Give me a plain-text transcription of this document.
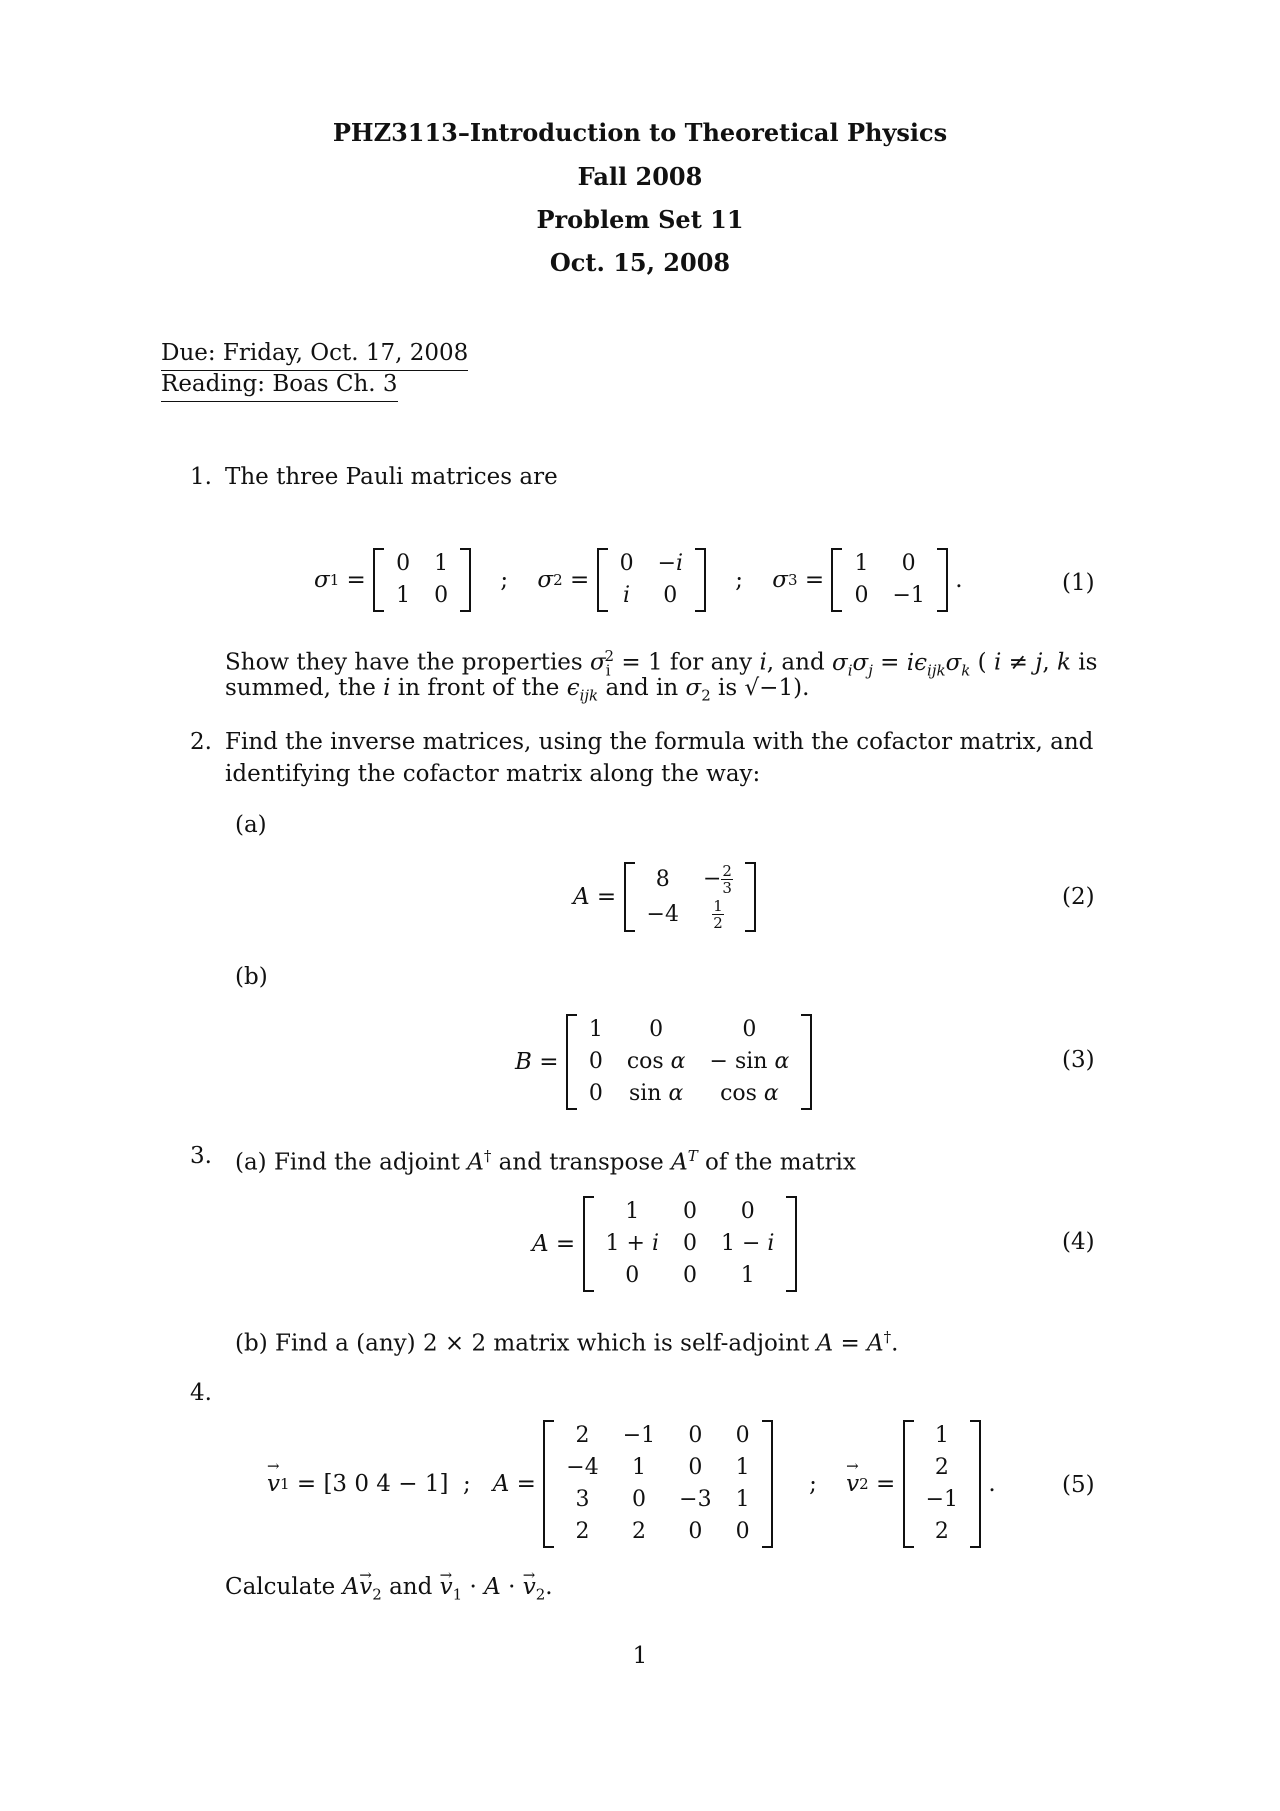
PHZ3113–Introduction to Theoretical Physics
Fall 2008
Problem Set 11
Oct. 15, 2008
Due: Friday, Oct. 17, 2008
Reading: Boas Ch. 3
1. The three Pauli matrices are
σ 1 =
0	1
1	0
; σ 2 =
0	−i
i	0
; σ 3 =
1	0
0	−1
.	(1)
Show they have the properties $\sigma_i^2 = 1$ for any i, and $\sigma_i\sigma_j = i\epsilon_{ijk}\sigma_k$ ( i ≠ j, k is
summed, the i in front of the $\epsilon_{ijk}$ and in $\sigma_2$ is √−1).
2. Find the inverse matrices, using the formula with the cofactor matrix, and
identifying the cofactor matrix along the way:
(a)
A =
8	− $\frac{2}{3}$

−4	$\frac{1}{2}$
(2)
(b)
B =
1	0	0
0	cos α	− sin α
0	sin α	cos α
(3)
3. (a) Find the adjoint A† and transpose $A^T$ of the matrix
A =
1	0	0
1 + i	0	1 − i
0	0	1
(4)
(b) Find a (any) 2 × 2 matrix which is self-adjoint A = A†.
4.
→ v 1
= [3 0 4 − 1] ; A =
2	−1	0	0
−4	1	0	1
3	0	−3	1
2	2	0	0
; → v 2 =
1
2
−1
2
.	(5)
Calculate $A\to v_2$ and → $v_1 \cdot A$ · → $v_2$.
1
